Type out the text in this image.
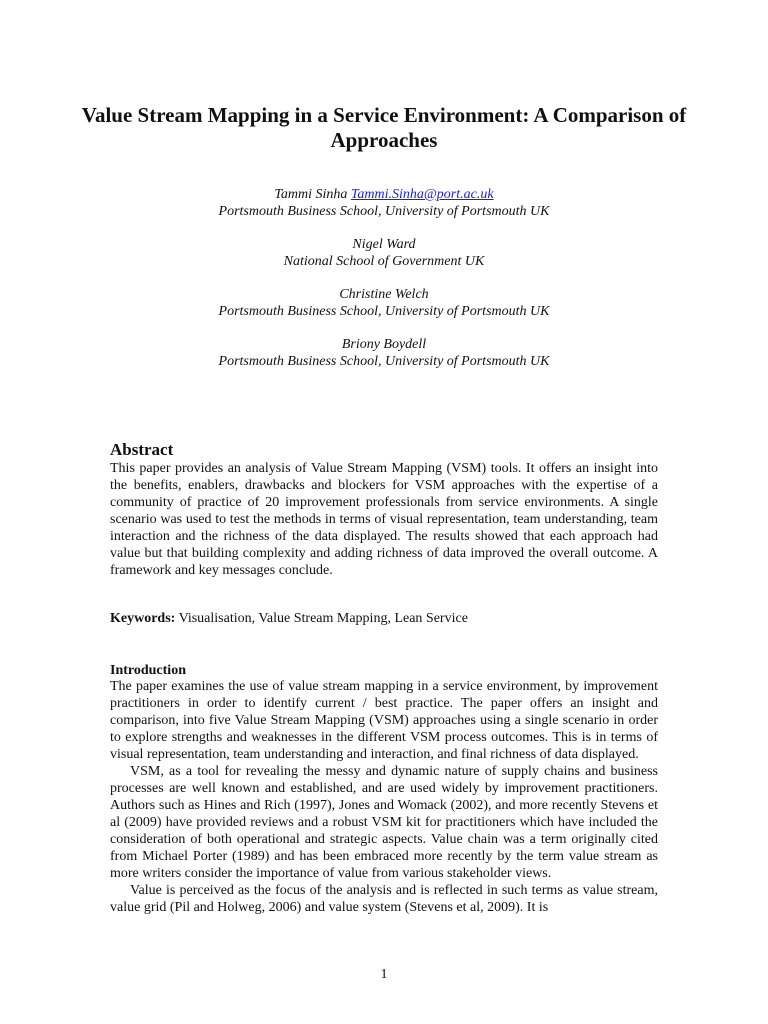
Value Stream Mapping in a Service Environment: A Comparison of Approaches
Tammi Sinha Tammi.Sinha@port.ac.uk
Portsmouth Business School, University of Portsmouth UK
Nigel Ward
National School of Government UK
Christine Welch
Portsmouth Business School, University of Portsmouth UK
Briony Boydell
Portsmouth Business School, University of Portsmouth UK
Abstract

This paper provides an analysis of Value Stream Mapping (VSM) tools. It offers an insight into the benefits, enablers, drawbacks and blockers for VSM approaches with the expertise of a community of practice of 20 improvement professionals from service environments. A single scenario was used to test the methods in terms of visual representation, team understanding, team interaction and the richness of the data displayed. The results showed that each approach had value but that building complexity and adding richness of data improved the overall outcome. A framework and key messages conclude.

Keywords: Visualisation, Value Stream Mapping, Lean Service

Introduction

The paper examines the use of value stream mapping in a service environment, by improvement practitioners in order to identify current / best practice. The paper offers an insight and comparison, into five Value Stream Mapping (VSM) approaches using a single scenario in order to explore strengths and weaknesses in the different VSM process outcomes. This is in terms of visual representation, team understanding and interaction, and final richness of data displayed.

VSM, as a tool for revealing the messy and dynamic nature of supply chains and business processes are well known and established, and are used widely by improvement practitioners. Authors such as Hines and Rich (1997), Jones and Womack (2002), and more recently Stevens et al (2009) have provided reviews and a robust VSM kit for practitioners which have included the consideration of both operational and strategic aspects. Value chain was a term originally cited from Michael Porter (1989) and has been embraced more recently by the term value stream as more writers consider the importance of value from various stakeholder views.

Value is perceived as the focus of the analysis and is reflected in such terms as value stream, value grid (Pil and Holweg, 2006) and value system (Stevens et al, 2009). It is

1
